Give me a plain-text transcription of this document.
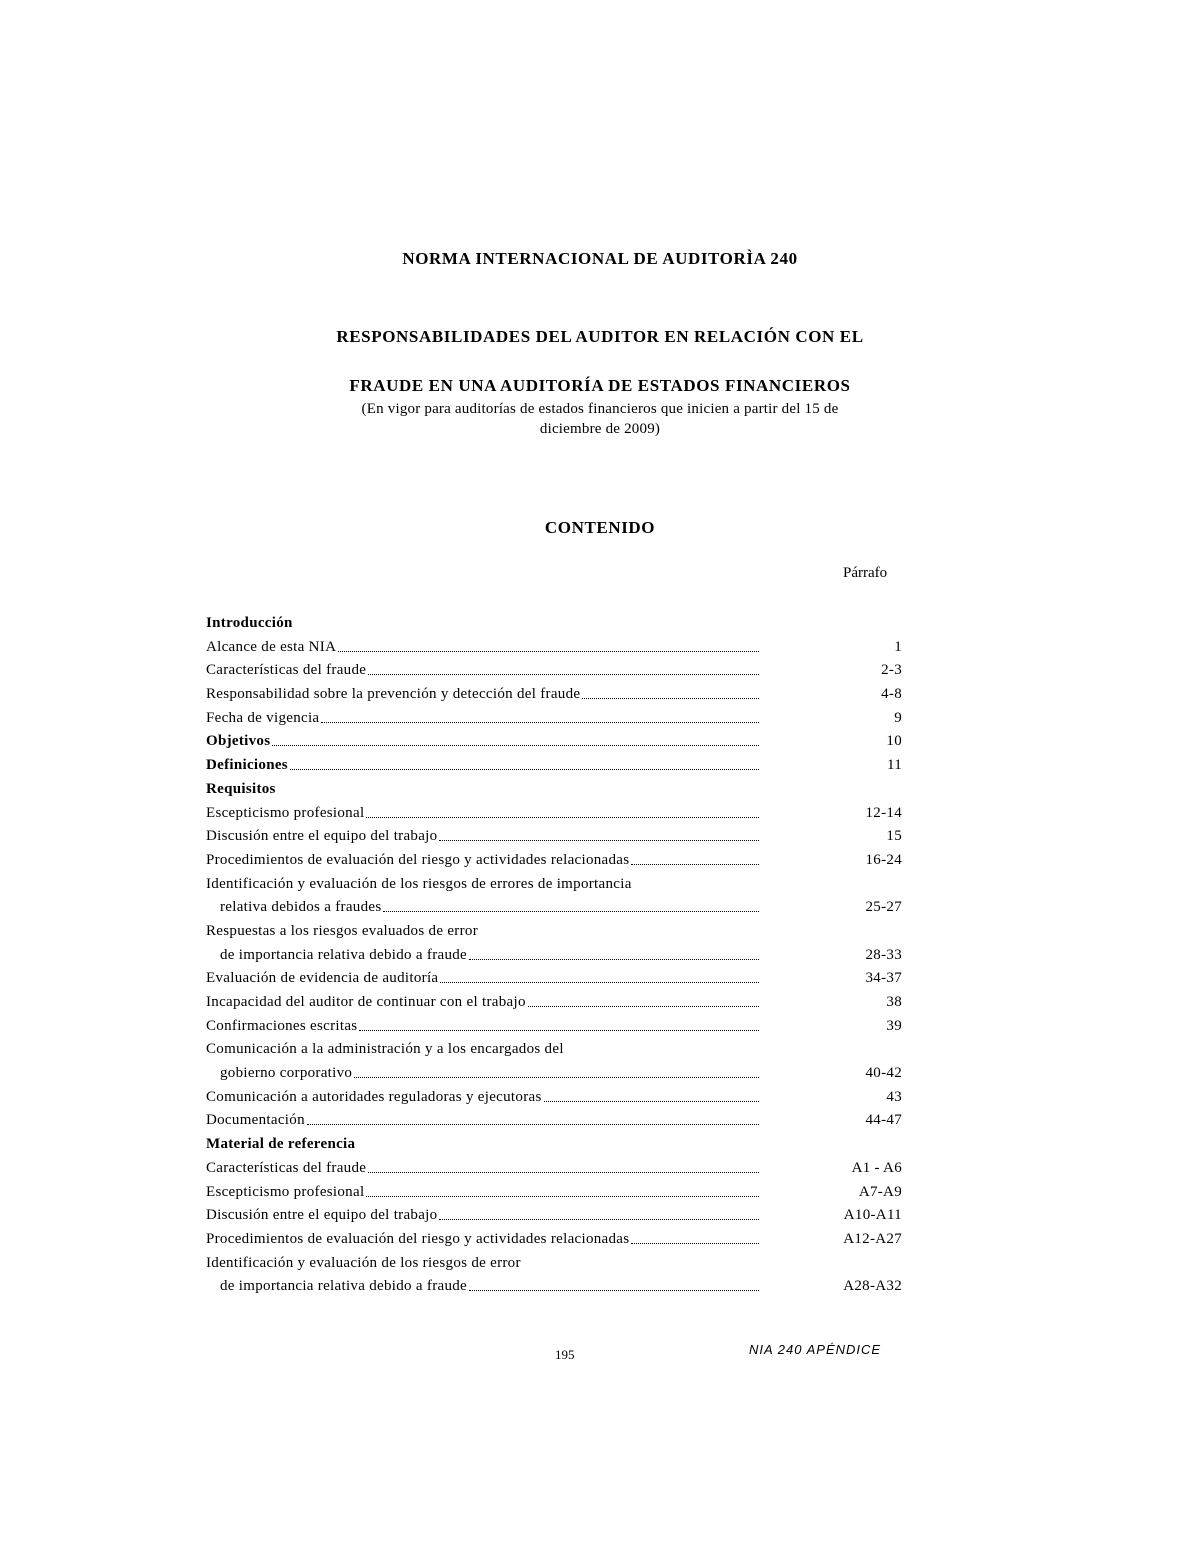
NORMA INTERNACIONAL DE AUDITORÌA 240
RESPONSABILIDADES DEL AUDITOR EN RELACIÓN CON EL
FRAUDE EN UNA AUDITORÍA DE ESTADOS FINANCIEROS
(En vigor para auditorías de estados financieros que inicien a partir del 15 de
diciembre de 2009)
CONTENIDO
Párrafo
Introducción
Alcance de esta NIA	1
Características del fraude	2-3
Responsabilidad sobre la prevención y detección del fraude	4-8
Fecha de vigencia	9
Objetivos	10
Definiciones	11
Requisitos
Escepticismo profesional	12-14
Discusión entre el equipo del trabajo	15
Procedimientos de evaluación del riesgo y actividades relacionadas	16-24
Identificación y evaluación de los riesgos de errores de importancia
relativa debidos a fraudes	25-27
Respuestas a los riesgos evaluados de error
de importancia relativa debido a fraude	28-33
Evaluación de evidencia de auditoría	34-37
Incapacidad del auditor de continuar con el trabajo	38
Confirmaciones escritas	39
Comunicación a la administración y a los encargados del
gobierno corporativo	40-42
Comunicación a autoridades reguladoras y ejecutoras	43
Documentación	44-47
Material de referencia
Características del fraude	A1 - A6
Escepticismo profesional	A7-A9
Discusión entre el equipo del trabajo	A10-A11
Procedimientos de evaluación del riesgo y actividades relacionadas	A12-A27
Identificación y evaluación de los riesgos de error
de importancia relativa debido a fraude	A28-A32
195	NIA 240 APÉNDICE
